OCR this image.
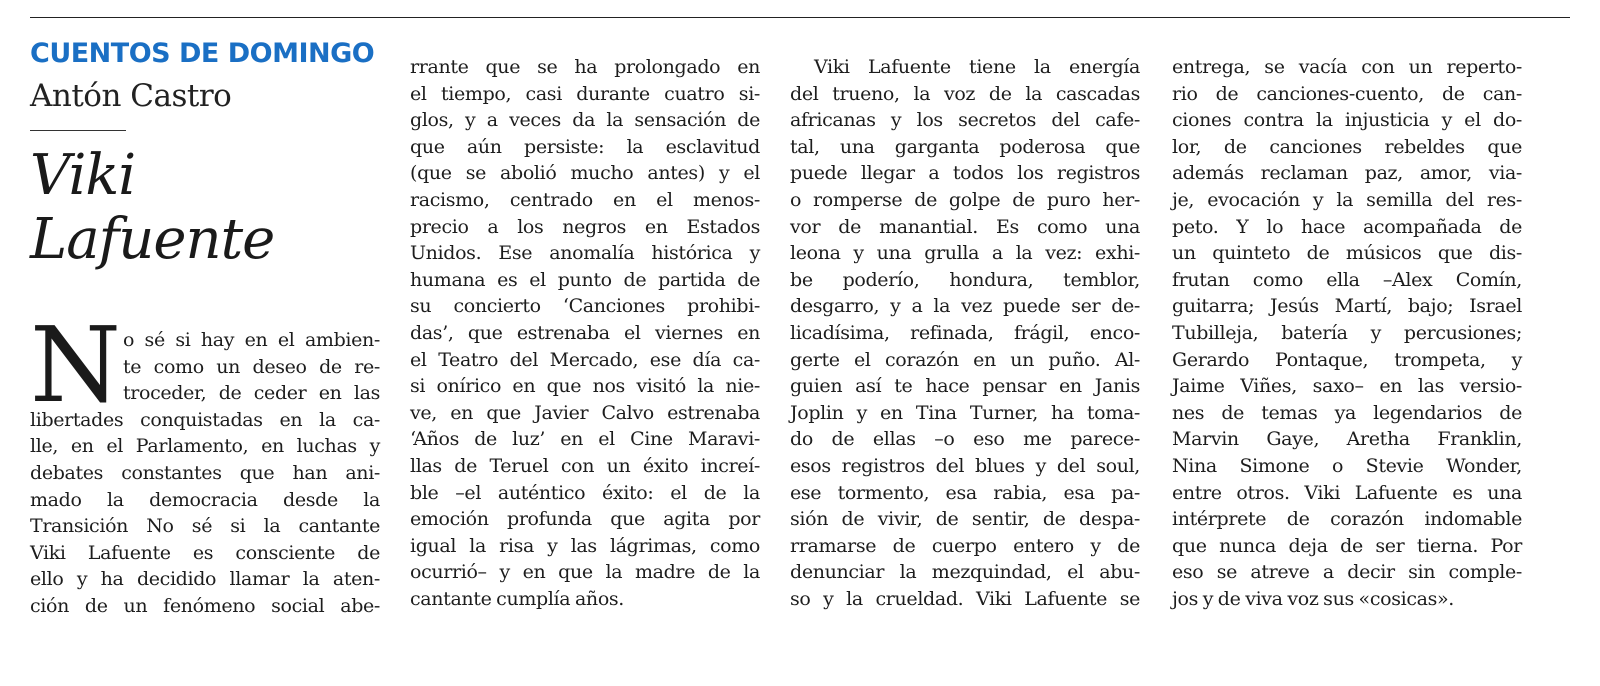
CUENTOS DE DOMINGO
Antón Castro
Viki
Lafuente
N o sé si hay en el ambien-
te como un deseo de re-
troceder, de ceder en las
libertades conquistadas en la ca-
lle, en el Parlamento, en luchas y
debates constantes que han ani-
mado la democracia desde la
Transición No sé si la cantante
Viki Lafuente es consciente de
ello y ha decidido llamar la aten-
ción de un fenómeno social abe-
rrante que se ha prolongado en
el tiempo, casi durante cuatro si-
glos, y a veces da la sensación de
que aún persiste: la esclavitud
(que se abolió mucho antes) y el
racismo, centrado en el menos-
precio a los negros en Estados
Unidos. Ese anomalía histórica y
humana es el punto de partida de
su concierto ‘Canciones prohibi-
das’, que estrenaba el viernes en
el Teatro del Mercado, ese día ca-
si onírico en que nos visitó la nie-
ve, en que Javier Calvo estrenaba
‘Años de luz’ en el Cine Maravi-
llas de Teruel con un éxito increí-
ble –el auténtico éxito: el de la
emoción profunda que agita por
igual la risa y las lágrimas, como
ocurrió– y en que la madre de la
cantante cumplía años.
Viki Lafuente tiene la energía
del trueno, la voz de la cascadas
africanas y los secretos del cafe-
tal, una garganta poderosa que
puede llegar a todos los registros
o romperse de golpe de puro her-
vor de manantial. Es como una
leona y una grulla a la vez: exhi-
be poderío, hondura, temblor,
desgarro, y a la vez puede ser de-
licadísima, refinada, frágil, enco-
gerte el corazón en un puño. Al-
guien así te hace pensar en Janis
Joplin y en Tina Turner, ha toma-
do de ellas –o eso me parece-
esos registros del blues y del soul,
ese tormento, esa rabia, esa pa-
sión de vivir, de sentir, de despa-
rramarse de cuerpo entero y de
denunciar la mezquindad, el abu-
so y la crueldad. Viki Lafuente se
entrega, se vacía con un reperto-
rio de canciones-cuento, de can-
ciones contra la injusticia y el do-
lor, de canciones rebeldes que
además reclaman paz, amor, via-
je, evocación y la semilla del res-
peto. Y lo hace acompañada de
un quinteto de músicos que dis-
frutan como ella –Alex Comín,
guitarra; Jesús Martí, bajo; Israel
Tubilleja, batería y percusiones;
Gerardo Pontaque, trompeta, y
Jaime Viñes, saxo– en las versio-
nes de temas ya legendarios de
Marvin Gaye, Aretha Franklin,
Nina Simone o Stevie Wonder,
entre otros. Viki Lafuente es una
intérprete de corazón indomable
que nunca deja de ser tierna. Por
eso se atreve a decir sin comple-
jos y de viva voz sus «cosicas».
